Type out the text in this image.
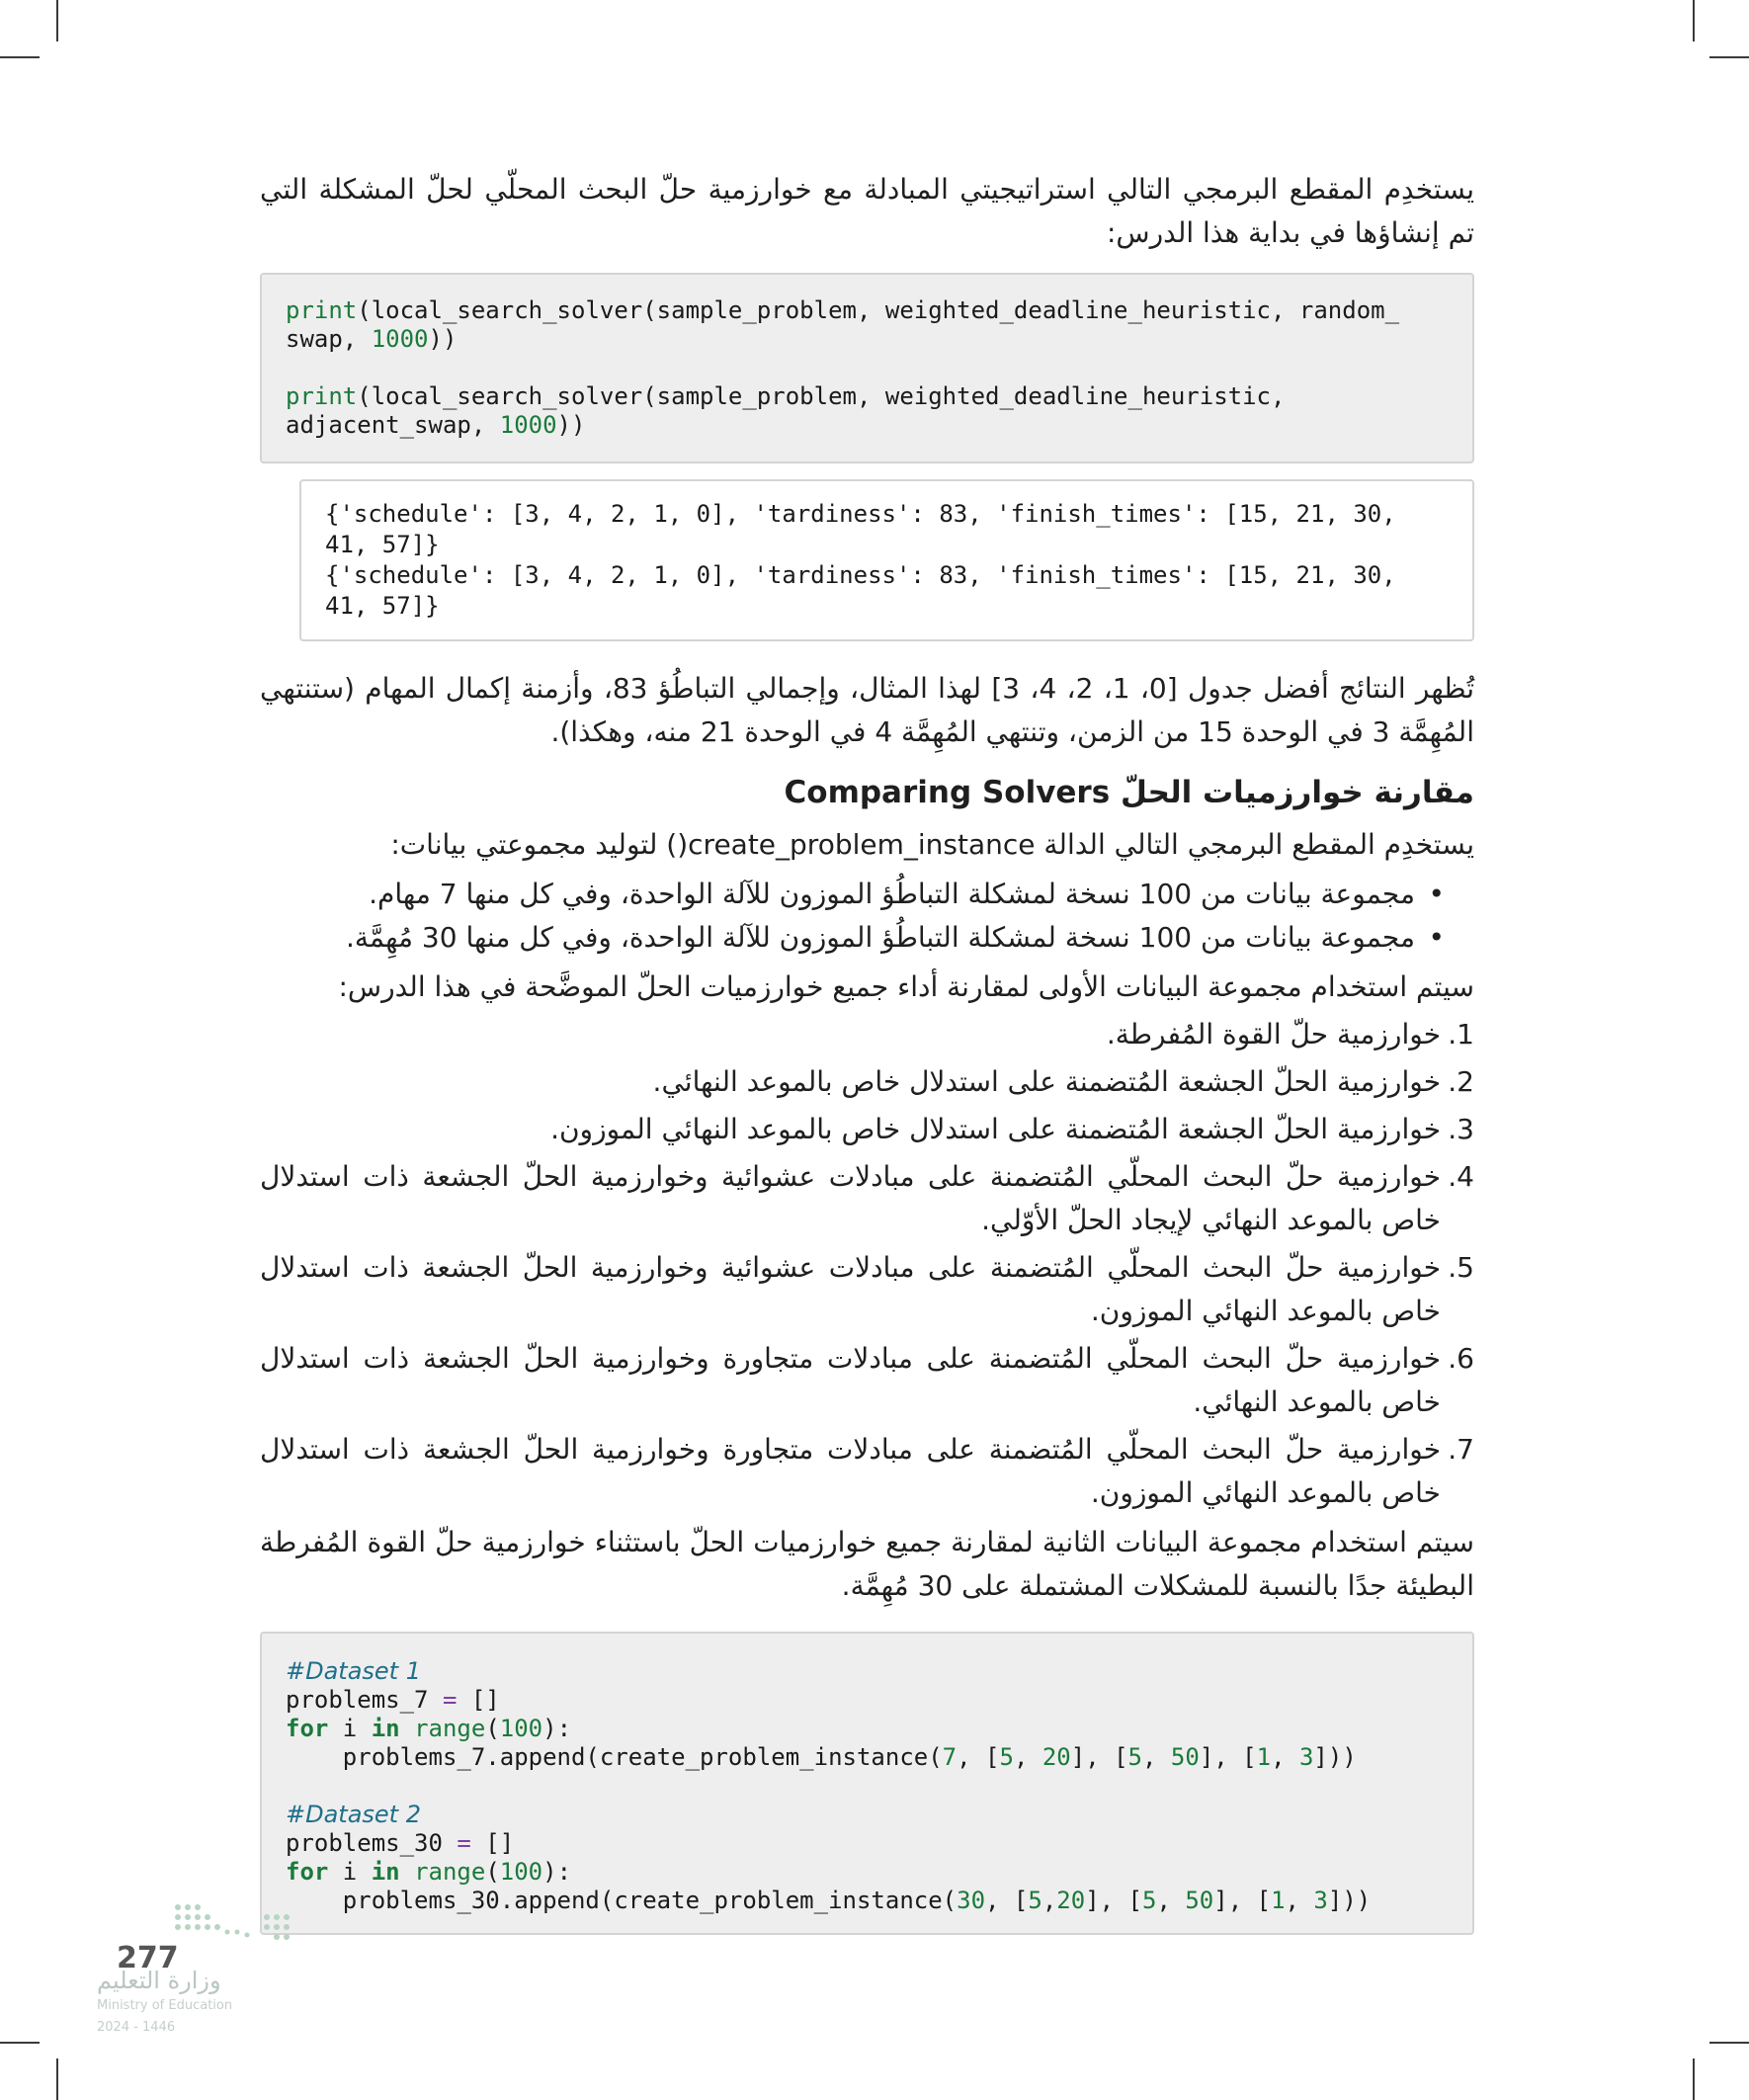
يستخدِم المقطع البرمجي التالي استراتيجيتي المبادلة مع خوارزمية حلّ البحث المحلّي لحلّ المشكلة التي تم إنشاؤها في بداية هذا الدرس:

print(local_search_solver(sample_problem, weighted_deadline_heuristic, random_
swap, 1000))

print(local_search_solver(sample_problem, weighted_deadline_heuristic,
adjacent_swap, 1000))
{'schedule': [3, 4, 2, 1, 0], 'tardiness': 83, 'finish_times': [15, 21, 30,
41, 57]}
{'schedule': [3, 4, 2, 1, 0], 'tardiness': 83, 'finish_times': [15, 21, 30,
41, 57]}

تُظهر النتائج أفضل جدول [0، 1، 2، 4، 3] لهذا المثال، وإجمالي التباطُؤ 83، وأزمنة إكمال المهام (ستنتهي المُهِمَّة 3 في الوحدة 15 من الزمن، وتنتهي المُهِمَّة 4 في الوحدة 21 منه، وهكذا).

مقارنة خوارزميات الحلّ Comparing Solvers

يستخدِم المقطع البرمجي التالي الدالة create_problem_instance() لتوليد مجموعتي بيانات:

• مجموعة بيانات من 100 نسخة لمشكلة التباطُؤ الموزون للآلة الواحدة، وفي كل منها 7 مهام.
• مجموعة بيانات من 100 نسخة لمشكلة التباطُؤ الموزون للآلة الواحدة، وفي كل منها 30 مُهِمَّة.

سيتم استخدام مجموعة البيانات الأولى لمقارنة أداء جميع خوارزميات الحلّ الموضَّحة في هذا الدرس:

1.
خوارزمية حلّ القوة المُفرطة.
2.
خوارزمية الحلّ الجشعة المُتضمنة على استدلال خاص بالموعد النهائي.
3.
خوارزمية الحلّ الجشعة المُتضمنة على استدلال خاص بالموعد النهائي الموزون.
4.
خوارزمية حلّ البحث المحلّي المُتضمنة على مبادلات عشوائية وخوارزمية الحلّ الجشعة ذات استدلال خاص بالموعد النهائي لإيجاد الحلّ الأوّلي.
5.
خوارزمية حلّ البحث المحلّي المُتضمنة على مبادلات عشوائية وخوارزمية الحلّ الجشعة ذات استدلال خاص بالموعد النهائي الموزون.
6.
خوارزمية حلّ البحث المحلّي المُتضمنة على مبادلات متجاورة وخوارزمية الحلّ الجشعة ذات استدلال خاص بالموعد النهائي.
7.
خوارزمية حلّ البحث المحلّي المُتضمنة على مبادلات متجاورة وخوارزمية الحلّ الجشعة ذات استدلال خاص بالموعد النهائي الموزون.

سيتم استخدام مجموعة البيانات الثانية لمقارنة جميع خوارزميات الحلّ باستثناء خوارزمية حلّ القوة المُفرطة البطيئة جدًا بالنسبة للمشكلات المشتملة على 30 مُهِمَّة.

#Dataset 1
problems_7 = []
for i in range(100):
problems_7.append(create_problem_instance(7, [5, 20], [5, 50], [1, 3]))

#Dataset 2
problems_30 = []
for i in range(100):
problems_30.append(create_problem_instance(30, [5,20], [5, 50], [1, 3]))
277
وزارة التعليم
Ministry of Education
2024 - 1446
